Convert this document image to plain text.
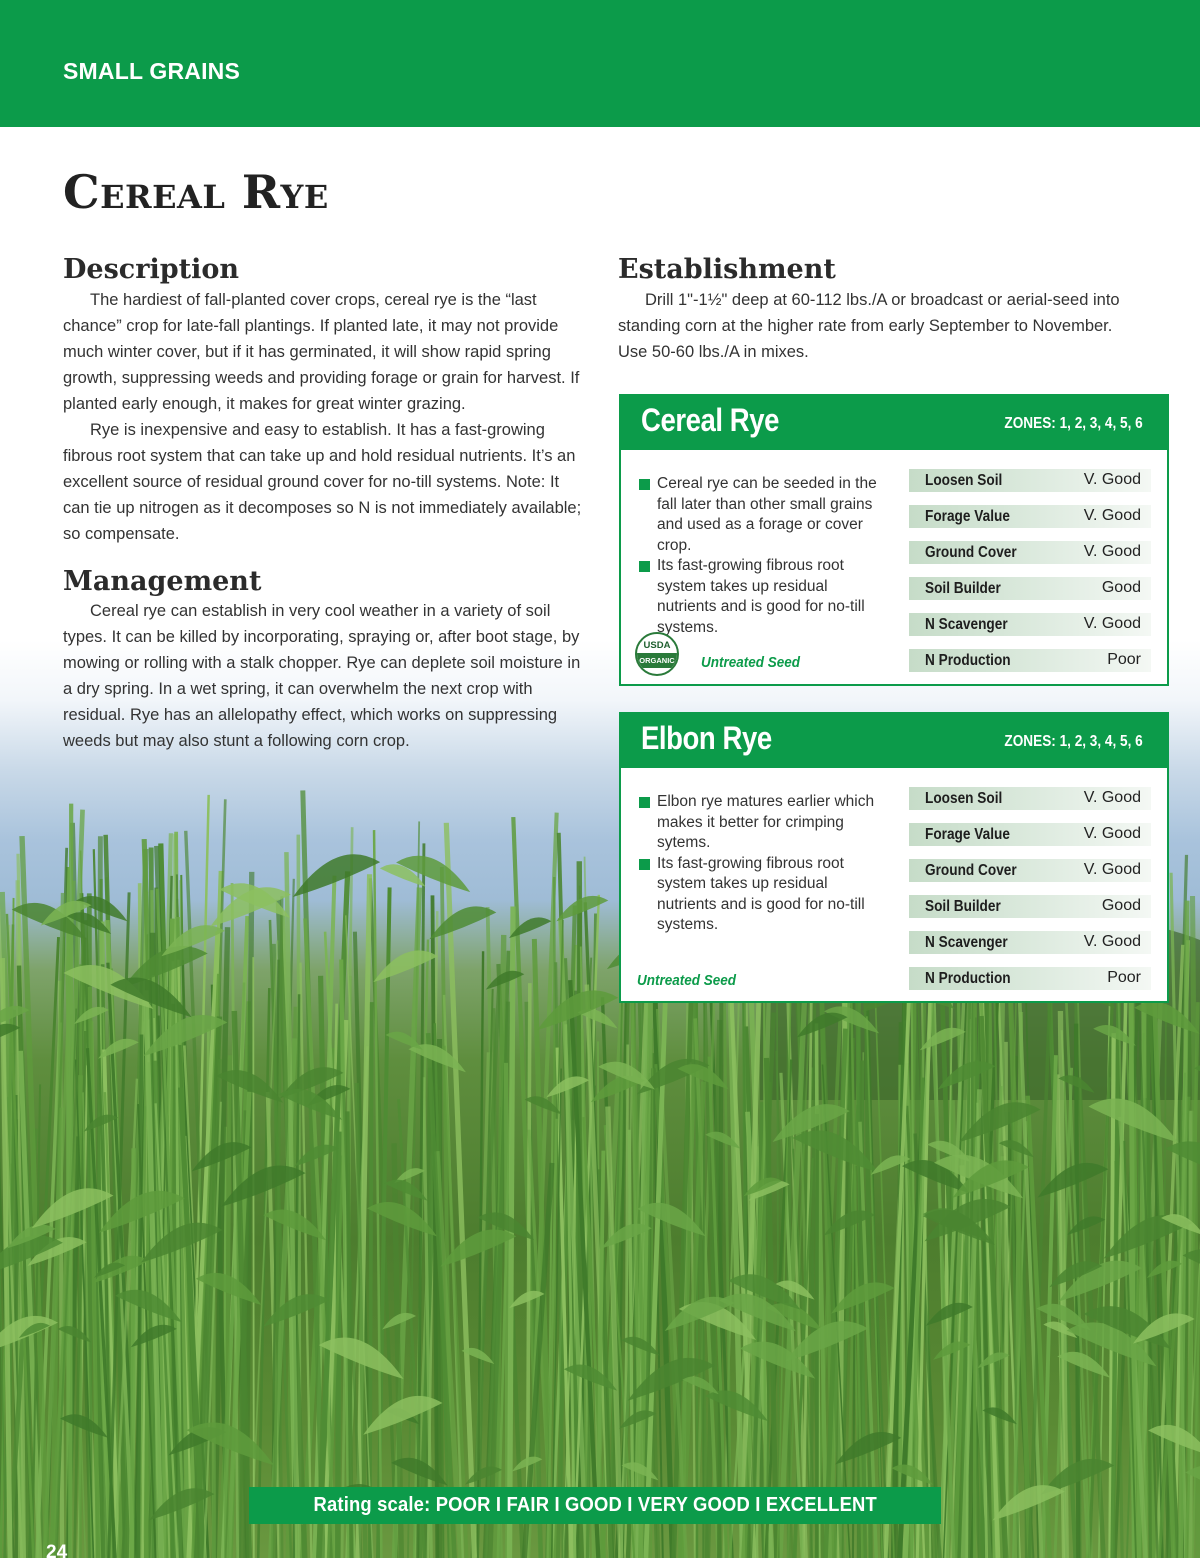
SMALL GRAINS
Cereal Rye
Description

The hardiest of fall-planted cover crops, cereal rye is the “last chance” crop for late-fall plantings. If planted late, it may not provide much winter cover, but if it has germinated, it will show rapid spring growth, suppressing weeds and providing forage or grain for harvest. If planted early enough, it makes for great winter grazing.

Rye is inexpensive and easy to establish. It has a fast-growing fibrous root system that can take up and hold residual nutrients. It’s an excellent source of residual ground cover for no-till systems. Note: It can tie up nitrogen as it decomposes so N is not immediately available; so compensate.

Management

Cereal rye can establish in very cool weather in a variety of soil types. It can be killed by incorporating, spraying or, after boot stage, by mowing or rolling with a stalk chopper. Rye can deplete soil moisture in a dry spring. In a wet spring, it can overwhelm the next crop with residual. Rye has an allelopathy effect, which works on suppressing weeds but may also stunt a following corn crop.

Establishment

Drill 1"-1½" deep at 60-112 lbs./A or broadcast or aerial-seed into standing corn at the higher rate from early September to November. Use 50-60 lbs./A in mixes.

Cereal Rye	ZONES: 1, 2, 3, 4, 5, 6
Cereal rye can be seeded in the fall later than other small grains and used as a forage or cover crop.
Its fast-growing fibrous root system takes up residual nutrients and is good for no-till systems.
USDA
ORGANIC Untreated Seed
Loosen Soil	V. Good
Forage Value	V. Good
Ground Cover	V. Good
Soil Builder	Good
N Scavenger	V. Good
N Production	Poor
Elbon Rye	ZONES: 1, 2, 3, 4, 5, 6
Elbon rye matures earlier which makes it better for crimping sytems.
Its fast-growing fibrous root system takes up residual nutrients and is good for no-till systems.
Untreated Seed
Loosen Soil	V. Good
Forage Value	V. Good
Ground Cover	V. Good
Soil Builder	Good
N Scavenger	V. Good
N Production	Poor
Rating scale: POOR I FAIR I GOOD I VERY GOOD I EXCELLENT
24
